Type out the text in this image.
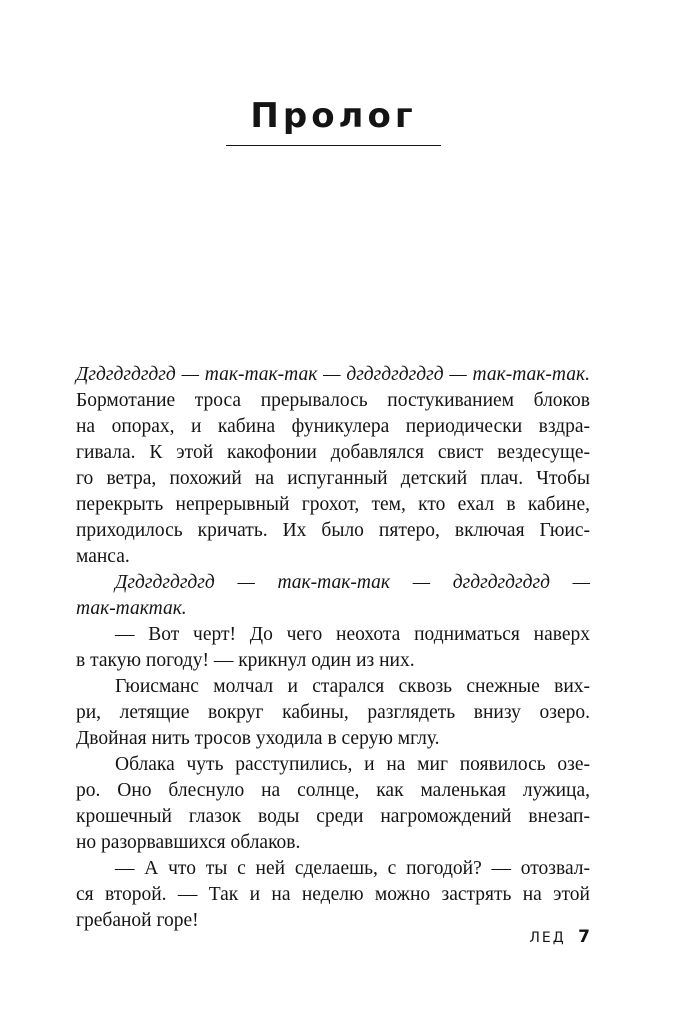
Пролог

Дгдгдгдгдгд — так-так-так — дгдгдгдгдгд — так-так-так.
Бормотание троса прерывалось постукиванием блоков
на опорах, и кабина фуникулера периодически вздра-
гивала. К этой какофонии добавлялся свист вездесуще-
го ветра, похожий на испуганный детский плач. Чтобы
перекрыть непрерывный грохот, тем, кто ехал в кабине,
приходилось кричать. Их было пятеро, включая Гюис-
манса.

Дгдгдгдгдгд — так-так-так — дгдгдгдгдгд —
так-тактак.

— Вот черт! До чего неохота подниматься наверх
в такую погоду! — крикнул один из них.

Гюисманс молчал и старался сквозь снежные вих-
ри, летящие вокруг кабины, разглядеть внизу озеро.
Двойная нить тросов уходила в серую мглу.

Облака чуть расступились, и на миг появилось озе-
ро. Оно блеснуло на солнце, как маленькая лужица,
крошечный глазок воды среди нагромождений внезап-
но разорвавшихся облаков.

— А что ты с ней сделаешь, с погодой? — отозвал-
ся второй. — Так и на неделю можно застрять на этой
гребаной горе!

ЛЕД 7
